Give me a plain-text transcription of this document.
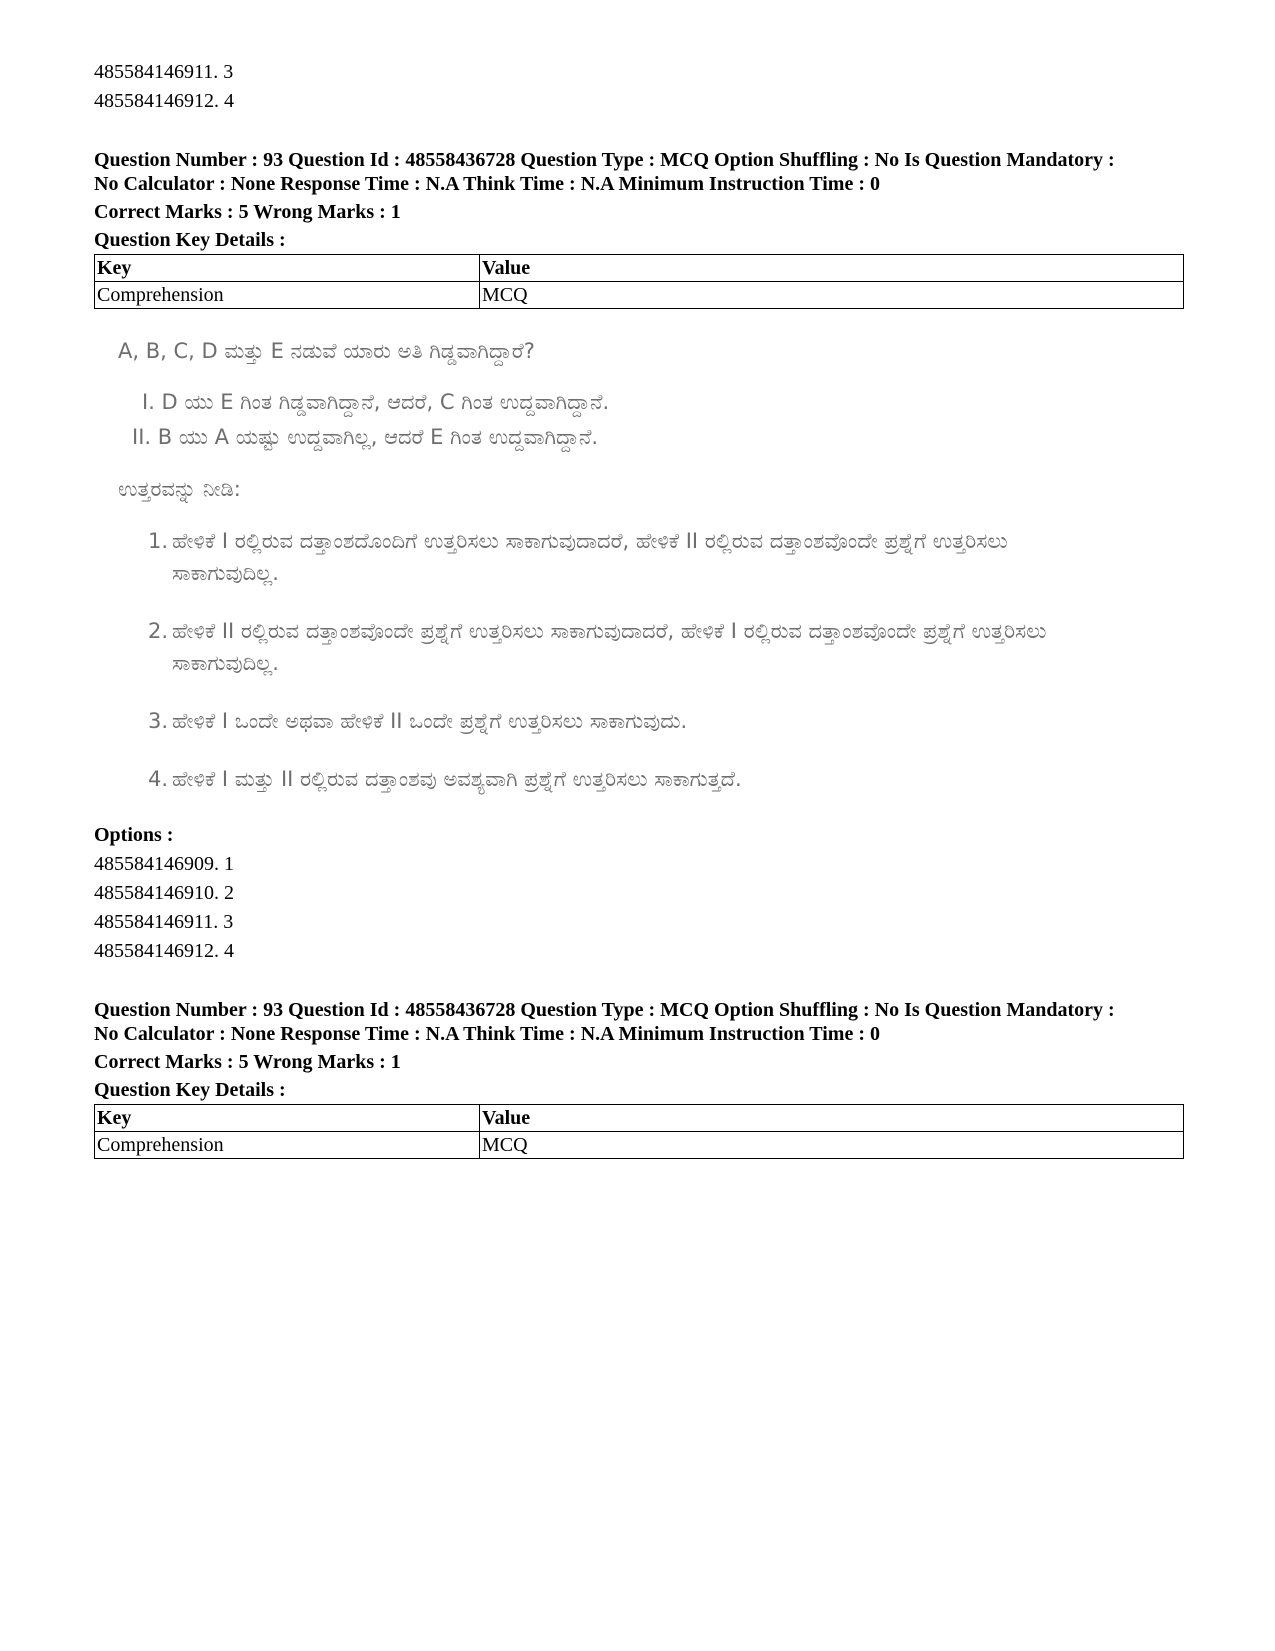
485584146911. 3
485584146912. 4
Question Number : 93 Question Id : 48558436728 Question Type : MCQ Option Shuffling : No Is Question Mandatory :
No Calculator : None Response Time : N.A Think Time : N.A Minimum Instruction Time : 0
Correct Marks : 5 Wrong Marks : 1
Question Key Details :
Key	Value
Comprehension	MCQ
A, B, C, D ಮತ್ತು E ನಡುವೆ ಯಾರು ಅತಿ ಗಿಡ್ಡವಾಗಿದ್ದಾರೆ?
I. D ಯು E ಗಿಂತ ಗಿಡ್ಡವಾಗಿದ್ದಾನೆ, ಆದರೆ, C ಗಿಂತ ಉದ್ದವಾಗಿದ್ದಾನೆ.
II. B ಯು A ಯಷ್ಟು ಉದ್ದವಾಗಿಲ್ಲ, ಆದರೆ E ಗಿಂತ ಉದ್ದವಾಗಿದ್ದಾನೆ.
ಉತ್ತರವನ್ನು ನೀಡಿ:
1. ಹೇಳಿಕೆ I ರಲ್ಲಿರುವ ದತ್ತಾಂಶದೊಂದಿಗೆ ಉತ್ತರಿಸಲು ಸಾಕಾಗುವುದಾದರೆ, ಹೇಳಿಕೆ II ರಲ್ಲಿರುವ ದತ್ತಾಂಶವೊಂದೇ ಪ್ರಶ್ನೆಗೆ ಉತ್ತರಿಸಲು ಸಾಕಾಗುವುದಿಲ್ಲ.
2. ಹೇಳಿಕೆ II ರಲ್ಲಿರುವ ದತ್ತಾಂಶವೊಂದೇ ಪ್ರಶ್ನೆಗೆ ಉತ್ತರಿಸಲು ಸಾಕಾಗುವುದಾದರೆ, ಹೇಳಿಕೆ I ರಲ್ಲಿರುವ ದತ್ತಾಂಶವೊಂದೇ ಪ್ರಶ್ನೆಗೆ ಉತ್ತರಿಸಲು ಸಾಕಾಗುವುದಿಲ್ಲ.
3. ಹೇಳಿಕೆ I ಒಂದೇ ಅಥವಾ ಹೇಳಿಕೆ II ಒಂದೇ ಪ್ರಶ್ನೆಗೆ ಉತ್ತರಿಸಲು ಸಾಕಾಗುವುದು.
4. ಹೇಳಿಕೆ I ಮತ್ತು II ರಲ್ಲಿರುವ ದತ್ತಾಂಶವು ಅವಶ್ಯವಾಗಿ ಪ್ರಶ್ನೆಗೆ ಉತ್ತರಿಸಲು ಸಾಕಾಗುತ್ತದೆ.
Options :
485584146909. 1
485584146910. 2
485584146911. 3
485584146912. 4
Question Number : 93 Question Id : 48558436728 Question Type : MCQ Option Shuffling : No Is Question Mandatory :
No Calculator : None Response Time : N.A Think Time : N.A Minimum Instruction Time : 0
Correct Marks : 5 Wrong Marks : 1
Question Key Details :
Key	Value
Comprehension	MCQ
